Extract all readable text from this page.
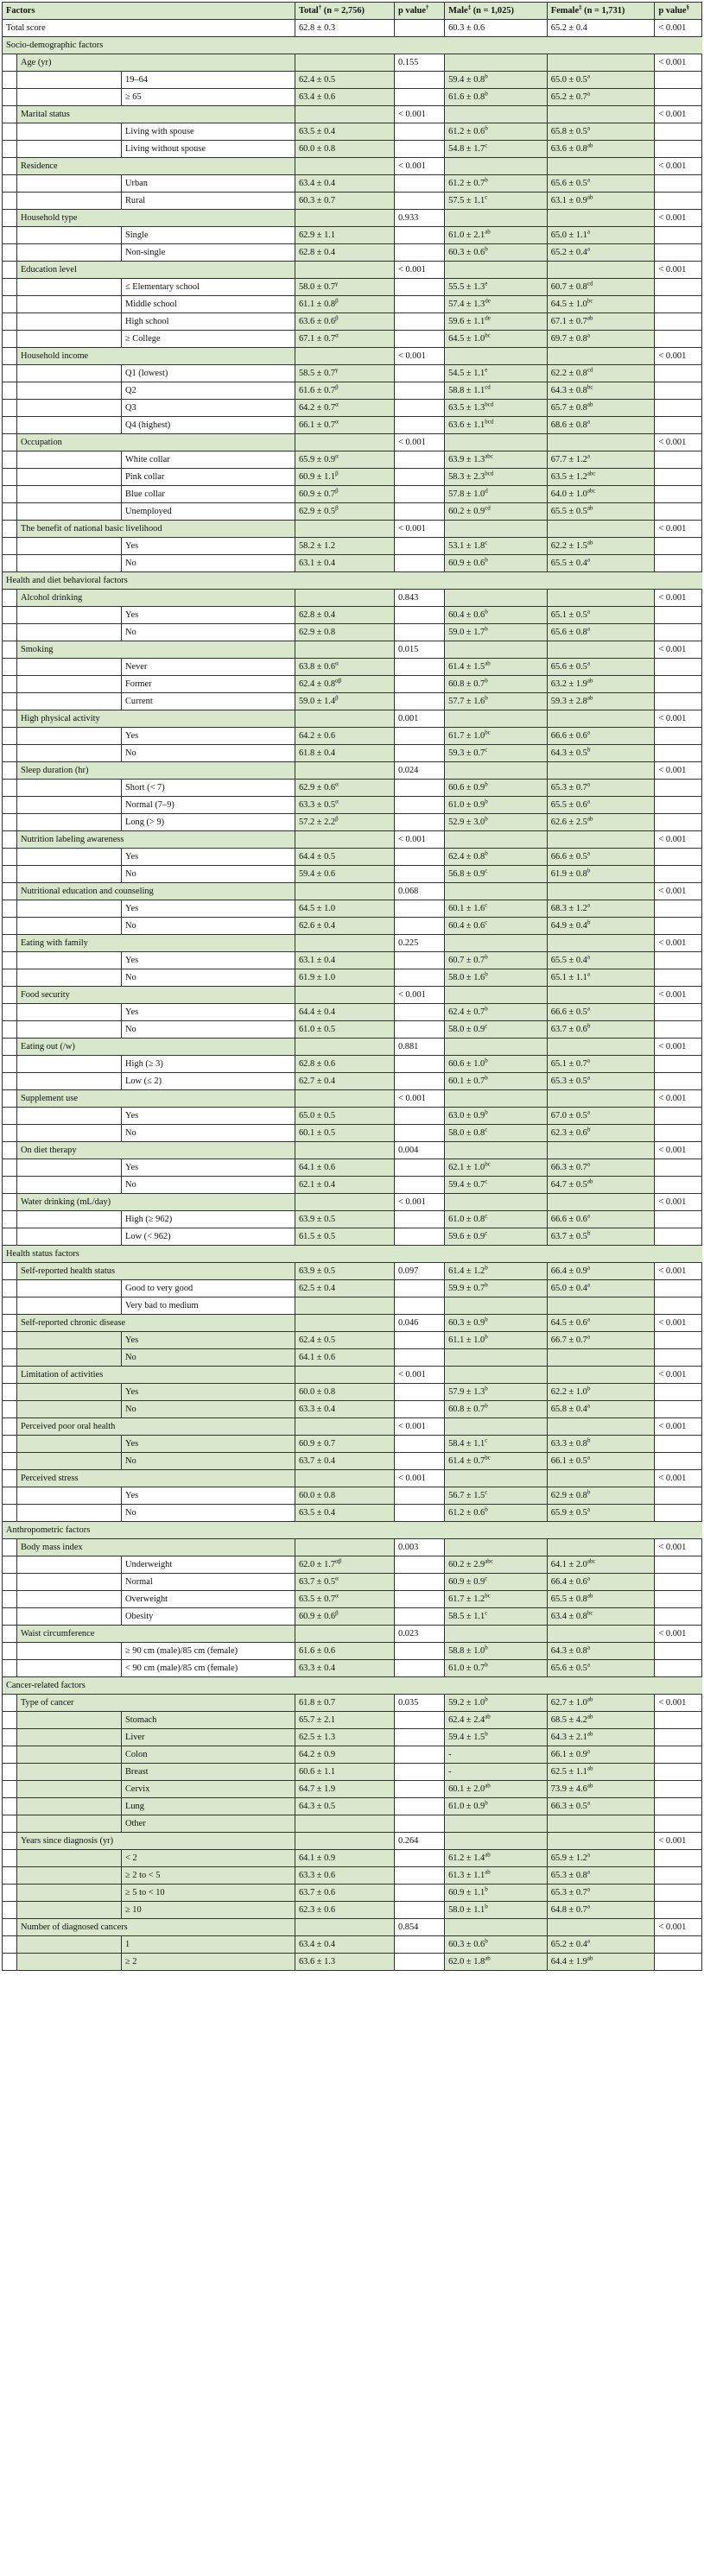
Factors			Total† (n = 2,756)	p value†	Male‡ (n = 1,025)	Female‡ (n = 1,731)	p value§
Total score			62.8 ± 0.3		60.3 ± 0.6	65.2 ± 0.4	< 0.001
Socio-demographic factors							
	Age (yr)			0.155			< 0.001
		19–64	62.4 ± 0.5		59.4 ± 0.8$^b$	65.0 ± 0.5$^a$	
		≥ 65	63.4 ± 0.6		61.6 ± 0.8$^b$	65.2 ± 0.7$^a$	
	Marital status			< 0.001			< 0.001
		Living with spouse	63.5 ± 0.4		61.2 ± 0.6$^b$	65.8 ± 0.5$^a$	
		Living without spouse	60.0 ± 0.8		54.8 ± 1.7$^c$	63.6 ± 0.8$^{ab}$	
	Residence			< 0.001			< 0.001
		Urban	63.4 ± 0.4		61.2 ± 0.7$^b$	65.6 ± 0.5$^a$	
		Rural	60.3 ± 0.7		57.5 ± 1.1$^c$	63.1 ± 0.9$^{ab}$	
	Household type			0.933			< 0.001
		Single	62.9 ± 1.1		61.0 ± 2.1$^{ab}$	65.0 ± 1.1$^a$	
		Non-single	62.8 ± 0.4		60.3 ± 0.6$^b$	65.2 ± 0.4$^a$	
	Education level			< 0.001			< 0.001
		≤ Elementary school	$58.0 \pm 0.7^\gamma$		55.5 ± 1.3$^e$	60.7 ± 0.8$^{cd}$	
		Middle school	$61.1 \pm 0.8^\beta$		57.4 ± 1.3de	64.5 ± 1.0$^{bc}$	
		High school	$63.6 \pm 0.6^\beta$		59.6 ± 1.1de	67.1 ± 0.7$^{ab}$	
		≥ College	$67.1 \pm 0.7^\alpha$		64.5 ± 1.0$^{bc}$	69.7 ± 0.8$^a$	
	Household income			< 0.001			< 0.001
		Q1 (lowest)	$58.5 \pm 0.7^\gamma$		54.5 ± 1.1$^e$	62.2 ± 0.8$^{cd}$	
		Q2	$61.6 \pm 0.7^\beta$		58.8 ± 1.1$^{cd}$	64.3 ± 0.8$^{bc}$	
		Q3	$64.2 \pm 0.7^\alpha$		63.5 ± 1.3$^{bcd}$	65.7 ± 0.8$^{ab}$	
		Q4 (highest)	$66.1 \pm 0.7^\alpha$		63.6 ± 1.1$^{bcd}$	68.6 ± 0.8$^a$	
	Occupation			< 0.001			< 0.001
		White collar	$65.9 \pm 0.9^\alpha$		63.9 ± 1.3$^{abc}$	67.7 ± 1.2$^a$	
		Pink collar	$60.9 \pm 1.1^\beta$		58.3 ± 2.3$^{bcd}$	63.5 ± 1.2$^{abc}$	
		Blue collar	$60.9 \pm 0.7^\beta$		57.8 ± 1.0$^d$	64.0 ± 1.0$^{abc}$	
		Unemployed	$62.9 \pm 0.5^\beta$		60.2 ± 0.9$^{cd}$	65.5 ± 0.5$^{ab}$	
	The benefit of national basic livelihood			< 0.001			< 0.001
		Yes	58.2 ± 1.2		53.1 ± 1.8$^c$	62.2 ± 1.5$^{ab}$	
		No	63.1 ± 0.4		60.9 ± 0.6$^b$	65.5 ± 0.4$^a$	
Health and diet behavioral factors							
	Alcohol drinking			0.843			< 0.001
		Yes	62.8 ± 0.4		60.4 ± 0.6$^b$	65.1 ± 0.5$^a$	
		No	62.9 ± 0.8		59.0 ± 1.7$^b$	65.6 ± 0.8$^a$	
	Smoking			0.015			< 0.001
		Never	$63.8 \pm 0.6^\alpha$		61.4 ± 1.5$^{ab}$	65.6 ± 0.5$^a$	
		Former	$62.4 \pm 0.8^{\alpha\beta}$		60.8 ± 0.7$^b$	63.2 ± 1.9$^{ab}$	
		Current	$59.0 \pm 1.4^\beta$		57.7 ± 1.6$^b$	59.3 ± 2.8$^{ab}$	
	High physical activity			0.001			< 0.001
		Yes	64.2 ± 0.6		61.7 ± 1.0$^{bc}$	66.6 ± 0.6$^a$	
		No	61.8 ± 0.4		59.3 ± 0.7$^c$	64.3 ± 0.5$^b$	
	Sleep duration (hr)			0.024			< 0.001
		Short (< 7)	$62.9 \pm 0.6^\alpha$		60.6 ± 0.9$^b$	65.3 ± 0.7$^a$	
		Normal (7–9)	$63.3 \pm 0.5^\alpha$		61.0 ± 0.9$^b$	65.5 ± 0.6$^a$	
		Long (> 9)	$57.2 \pm 2.2^\beta$		52.9 ± 3.0$^b$	62.6 ± 2.5$^{ab}$	
	Nutrition labeling awareness			< 0.001			< 0.001
		Yes	64.4 ± 0.5		62.4 ± 0.8$^b$	66.6 ± 0.5$^a$	
		No	59.4 ± 0.6		56.8 ± 0.9$^c$	61.9 ± 0.8$^b$	
	Nutritional education and counseling			0.068			< 0.001
		Yes	64.5 ± 1.0		60.1 ± 1.6$^c$	68.3 ± 1.2$^a$	
		No	62.6 ± 0.4		60.4 ± 0.6$^c$	64.9 ± 0.4$^b$	
	Eating with family			0.225			< 0.001
		Yes	63.1 ± 0.4		60.7 ± 0.7$^b$	65.5 ± 0.4$^a$	
		No	61.9 ± 1.0		58.0 ± 1.6$^b$	65.1 ± 1.1$^a$	
	Food security			< 0.001			< 0.001
		Yes	64.4 ± 0.4		62.4 ± 0.7$^b$	66.6 ± 0.5$^a$	
		No	61.0 ± 0.5		58.0 ± 0.9$^c$	63.7 ± 0.6$^b$	
	Eating out (/w)			0.881			< 0.001
		High (≥ 3)	62.8 ± 0.6		60.6 ± 1.0$^b$	65.1 ± 0.7$^a$	
		Low (≤ 2)	62.7 ± 0.4		60.1 ± 0.7$^b$	65.3 ± 0.5$^a$	
	Supplement use			< 0.001			< 0.001
		Yes	65.0 ± 0.5		63.0 ± 0.9$^b$	67.0 ± 0.5$^a$	
		No	60.1 ± 0.5		58.0 ± 0.8$^c$	62.3 ± 0.6$^b$	
	On diet therapy			0.004			< 0.001
		Yes	64.1 ± 0.6		62.1 ± 1.0$^{bc}$	66.3 ± 0.7$^a$	
		No	62.1 ± 0.4		59.4 ± 0.7$^c$	64.7 ± 0.5$^{ab}$	
	Water drinking (mL/day)			< 0.001			< 0.001
		High (≥ 962)	63.9 ± 0.5		61.0 ± 0.8$^c$	66.6 ± 0.6$^a$	
		Low (< 962)	61.5 ± 0.5		59.6 ± 0.9$^c$	63.7 ± 0.5$^b$	
Health status factors							
	Self-reported health status		63.9 ± 0.5	0.097	61.4 ± 1.2$^b$	66.4 ± 0.9$^a$	< 0.001
		Good to very good	62.5 ± 0.4		59.9 ± 0.7$^b$	65.0 ± 0.4$^a$	
		Very bad to medium					
	Self-reported chronic disease			0.046	60.3 ± 0.9$^b$	64.5 ± 0.6$^a$	< 0.001
		Yes	62.4 ± 0.5		61.1 ± 1.0$^b$	66.7 ± 0.7$^a$	
		No	64.1 ± 0.6				
	Limitation of activities			< 0.001			< 0.001
		Yes	60.0 ± 0.8		57.9 ± 1.3$^b$	62.2 ± 1.0$^b$	
		No	63.3 ± 0.4		60.8 ± 0.7$^b$	65.8 ± 0.4$^a$	
	Perceived poor oral health			< 0.001			< 0.001
		Yes	60.9 ± 0.7		58.4 ± 1.1$^c$	63.3 ± 0.8$^b$	
		No	63.7 ± 0.4		61.4 ± 0.7$^{bc}$	66.1 ± 0.5$^a$	
	Perceived stress			< 0.001			< 0.001
		Yes	60.0 ± 0.8		56.7 ± 1.5$^c$	62.9 ± 0.8$^b$	
		No	63.5 ± 0.4		61.2 ± 0.6$^b$	65.9 ± 0.5$^a$	
Anthropometric factors							
	Body mass index			0.003			< 0.001
		Underweight	$62.0 \pm 1.7^{\alpha\beta}$		60.2 ± 2.9$^{abc}$	64.1 ± 2.0$^{abc}$	
		Normal	$63.7 \pm 0.5^\alpha$		60.9 ± 0.9$^c$	66.4 ± 0.6$^a$	
		Overweight	$63.5 \pm 0.7^\alpha$		61.7 ± 1.2$^{bc}$	65.5 ± 0.8$^{ab}$	
		Obesity	$60.9 \pm 0.6^\beta$		58.5 ± 1.1$^c$	63.4 ± 0.8$^{bc}$	
	Waist circumference			0.023			< 0.001
		≥ 90 cm (male)/85 cm (female)	61.6 ± 0.6		58.8 ± 1.0$^b$	64.3 ± 0.8$^a$	
		< 90 cm (male)/85 cm (female)	63.3 ± 0.4		61.0 ± 0.7$^b$	65.6 ± 0.5$^a$	
Cancer-related factors							
	Type of cancer		61.8 ± 0.7	0.035	59.2 ± 1.0$^b$	62.7 ± 1.0$^{ab}$	< 0.001
		Stomach	65.7 ± 2.1		62.4 ± 2.4$^{ab}$	68.5 ± 4.2$^{ab}$	
		Liver	62.5 ± 1.3		59.4 ± 1.5$^b$	64.3 ± 2.1$^{ab}$	
		Colon	64.2 ± 0.9		-	66.1 ± 0.9$^a$	
		Breast	60.6 ± 1.1		-	62.5 ± 1.1$^{ab}$	
		Cervix	64.7 ± 1.9		60.1 ± 2.0$^{ab}$	73.9 ± 4.6$^{ab}$	
		Lung	64.3 ± 0.5		61.0 ± 0.9$^b$	66.3 ± 0.5$^a$	
		Other					
	Years since diagnosis (yr)			0.264			< 0.001
		< 2	64.1 ± 0.9		61.2 ± 1.4$^{ab}$	65.9 ± 1.2$^a$	
		≥ 2 to < 5	63.3 ± 0.6		61.3 ± 1.1$^{ab}$	65.3 ± 0.8$^a$	
		≥ 5 to < 10	63.7 ± 0.6		60.9 ± 1.1$^b$	65.3 ± 0.7$^a$	
		≥ 10	62.3 ± 0.6		58.0 ± 1.1$^b$	64.8 ± 0.7$^a$	
	Number of diagnosed cancers			0.854			< 0.001
		1	63.4 ± 0.4		60.3 ± 0.6$^b$	65.2 ± 0.4$^a$	
		≥ 2	63.6 ± 1.3		62.0 ± 1.8$^{ab}$	64.4 ± 1.9$^{ab}$	
